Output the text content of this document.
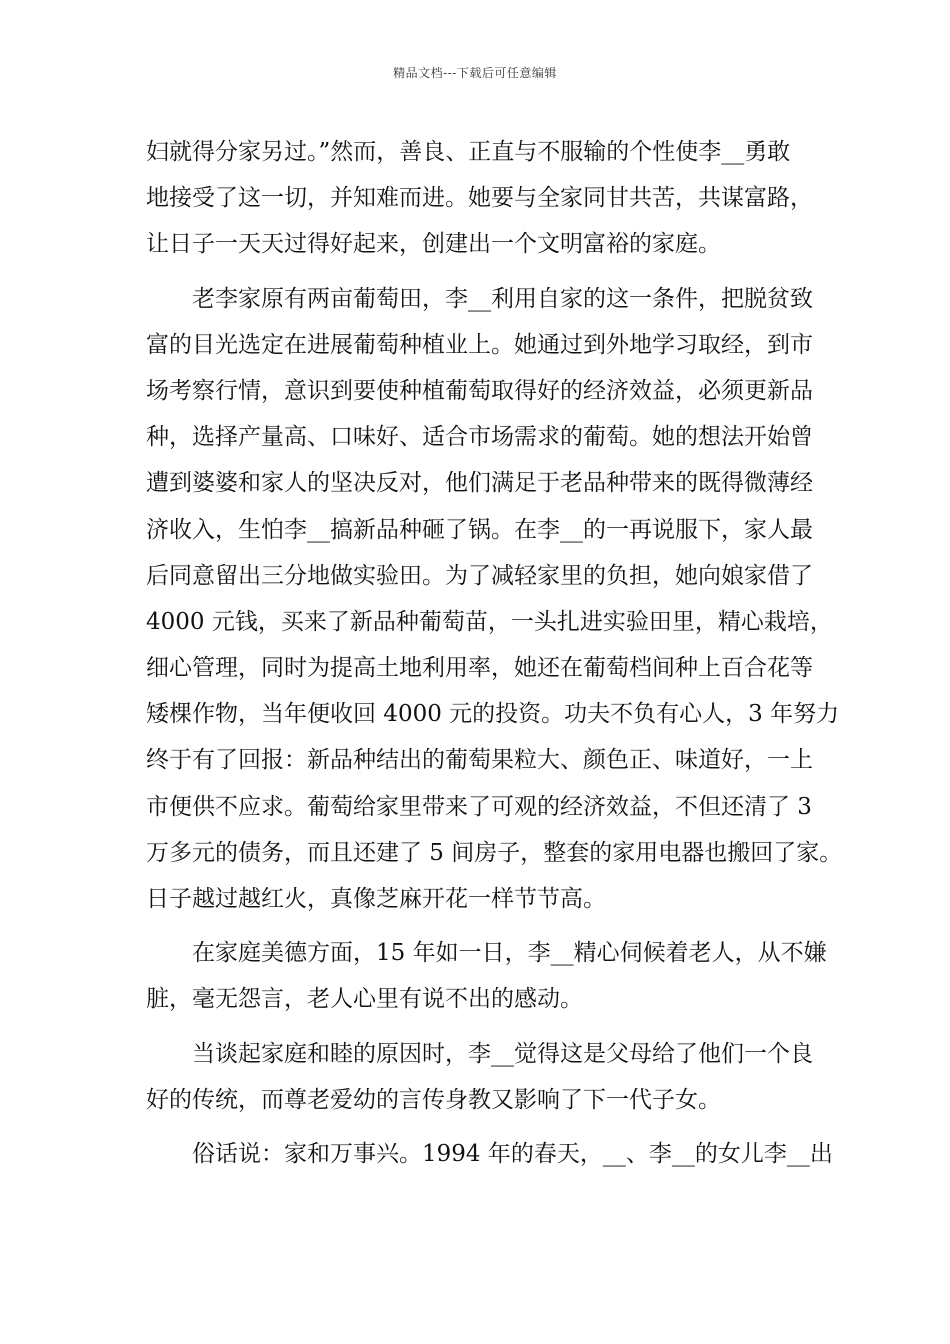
精品文档---下载后可任意编辑
妇就得分家另过。”然而，善良、正直与不服输的个性使李__勇敢
地接受了这一切，并知难而进。她要与全家同甘共苦，共谋富路，
让日子一天天过得好起来，创建出一个文明富裕的家庭。
老李家原有两亩葡萄田，李__利用自家的这一条件，把脱贫致
富的目光选定在进展葡萄种植业上。她通过到外地学习取经，到市
场考察行情，意识到要使种植葡萄取得好的经济效益，必须更新品
种，选择产量高、口味好、适合市场需求的葡萄。她的想法开始曾
遭到婆婆和家人的坚决反对，他们满足于老品种带来的既得微薄经
济收入，生怕李__搞新品种砸了锅。在李__的一再说服下，家人最
后同意留出三分地做实验田。为了减轻家里的负担，她向娘家借了
4000 元钱，买来了新品种葡萄苗，一头扎进实验田里，精心栽培，
细心管理，同时为提高土地利用率，她还在葡萄档间种上百合花等
矮棵作物，当年便收回 4000 元的投资。功夫不负有心人，3 年努力
终于有了回报：新品种结出的葡萄果粒大、颜色正、味道好，一上
市便供不应求。葡萄给家里带来了可观的经济效益，不但还清了 3
万多元的债务，而且还建了 5 间房子，整套的家用电器也搬回了家。
日子越过越红火，真像芝麻开花一样节节高。
在家庭美德方面，15 年如一日，李__精心伺候着老人，从不嫌
脏，毫无怨言，老人心里有说不出的感动。
当谈起家庭和睦的原因时，李__觉得这是父母给了他们一个良
好的传统，而尊老爱幼的言传身教又影响了下一代子女。
俗话说：家和万事兴。1994 年的春天，__、李__的女儿李__出
